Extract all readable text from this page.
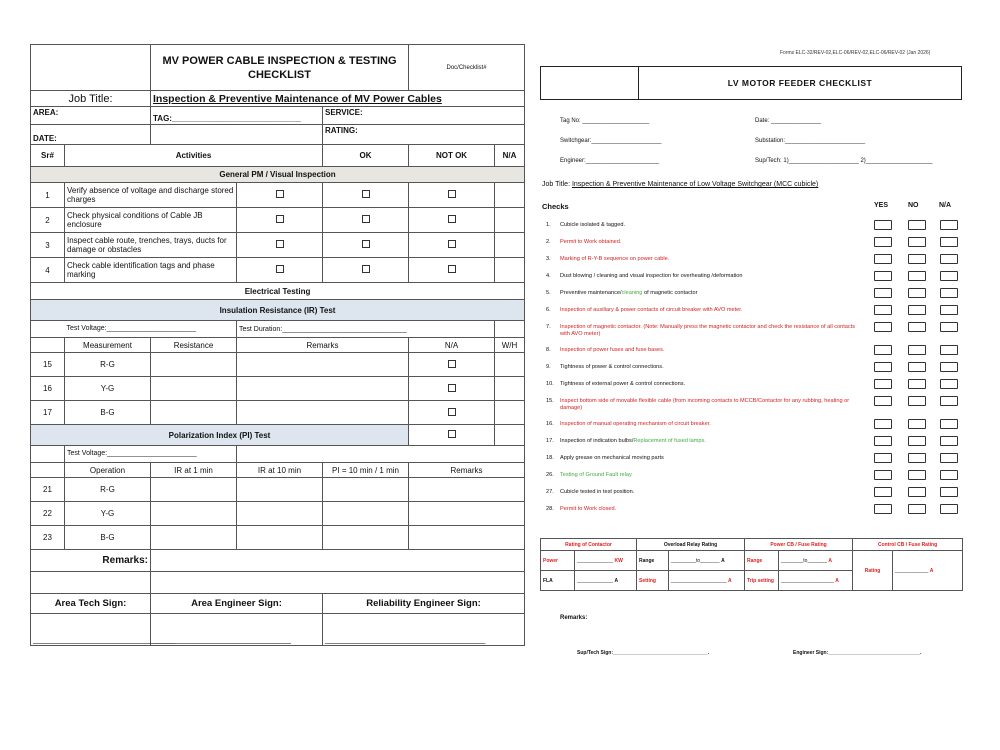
		MV POWER CABLE INSPECTION & TESTING CHECKLIST			Doc/Checklist#	
Job Title:		Inspection & Preventive Maintenance of MV Power Cables				
AREA:		TAG:_____________________________		SERVICE:		
DATE:				RATING:		
Sr#	Activities			OK	NOT OK	N/A
General PM / Visual Inspection						
1	Verify absence of voltage and discharge stored charges					
2	Check physical conditions of Cable JB enclosure					
3	Inspect cable route, trenches, trays, ducts for damage or obstacles					
4	Check cable identification tags and phase marking					
Electrical Testing						
Insulation Resistance (IR) Test						
	Test Voltage:_______________________		Test Duration:________________________________			
	Measurement	Resistance	Remarks		N/A	W/H
15	R-G					
16	Y-G					
17	B-G					
Polarization Index (PI) Test						
	Test Voltage:_______________________					
	Operation	IR at 1 min	IR at 10 min	PI = 10 min / 1 min	Remarks	
21	R-G					
22	Y-G					
23	B-G					
Remarks:						

Area Tech Sign:		Area Engineer Sign:		Reliability Engineer Sign:		
________________________________		_______________________________		____________________________________		
Forms ELC-32/REV-02,ELC-06/REV-02,ELC-06/REV-02 (Jan 2026)
LV MOTOR FEEDER CHECKLIST
Tag No: ____________________	Date: _______________
Switchgear:_____________________	Substation:________________________
Engineer:______________________	Sup/Tech: 1)_____________________ 2)____________________
Job Title: Inspection & Preventive Maintenance of Low Voltage Switchgear (MCC cubicle)
Checks	YES	NO	N/A
1.	Cubicle isolated & tagged.
2.	Permit to Work obtained.
3.	Marking of R-Y-B sequence on power cable.
4.	Dust blowing / cleaning and visual inspection for overheating /deformation
5.	Preventive maintenance/cleaning of magnetic contactor
6.	Inspection of auxiliary & power contacts of circuit breaker with AVO meter.
7.	Inspection of magnetic contactor. (Note: Manually press the magnetic contactor and check the resistance of all contacts with AVO meter)
8.	Inspection of power fuses and fuse bases.
9.	Tightness of power & control connections.
10.	Tightness of external power & control connections.
15.	Inspect bottom side of movable flexible cable (from incoming contacts to MCCB/Contactor for any rubbing, heating or damage)
16.	Inspection of manual operating mechanism of circuit breaker.
17.	Inspection of indication bulbs/Replacement of fused lamps.
18.	Apply grease on mechanical moving parts
26.	Testing of Ground Fault relay
27.	Cubicle tested in test position.
28.	Permit to Work closed.
Rating of Contactor		Overload Relay Rating		Power CB / Fuse Rating		Control CB / Fuse Rating	
Power	_____________ KW	Range	_________to_______ A	Range	________to_______ A	Rating	____________ A
FLA	_____________ A	Setting	____________________ A	Trip setting	___________________ A		
Remarks:
Sup/Tech Sign:__________________________________.	Engineer Sign:_________________________________.
